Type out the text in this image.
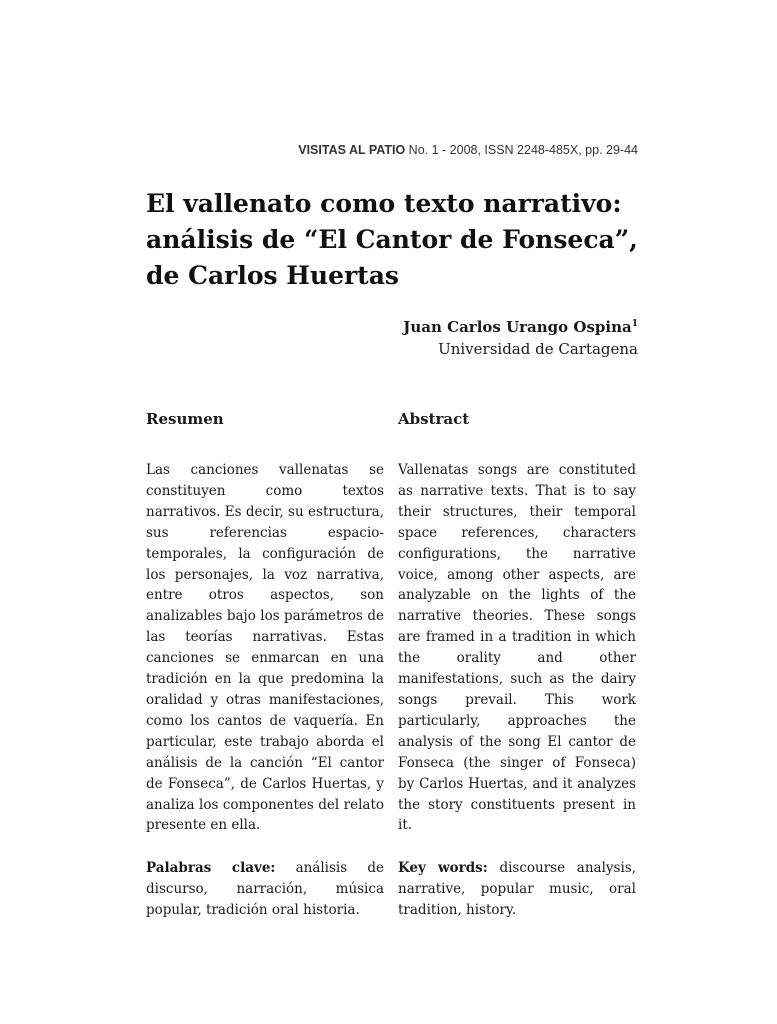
VISITAS AL PATIO No. 1 - 2008, ISSN 2248-485X, pp. 29-44
El vallenato como texto narrativo:
análisis de “El Cantor de Fonseca”,
de Carlos Huertas
Juan Carlos Urango Ospina$^1$
Universidad de Cartagena
Resumen

Las canciones vallenatas se constituyen como textos narrativos. Es decir, su estructura, sus referencias espacio-temporales, la configuración de los personajes, la voz narrativa, entre otros aspectos, son analizables bajo los parámetros de las teorías narrativas. Estas canciones se enmarcan en una tradición en la que predomina la oralidad y otras manifestaciones, como los cantos de vaquería. En particular, este trabajo aborda el análisis de la canción “El cantor de Fonseca”, de Carlos Huertas, y analiza los componentes del relato presente en ella.

Palabras clave: análisis de discurso, narración, música popular, tradición oral historia.

Abstract

Vallenatas songs are constituted as narrative texts. That is to say their structures, their temporal space references, characters configurations, the narrative voice, among other aspects, are analyzable on the lights of the narrative theories. These songs are framed in a tradition in which the orality and other manifestations, such as the dairy songs prevail. This work particularly, approaches the analysis of the song El cantor de Fonseca (the singer of Fonseca) by Carlos Huertas, and it analyzes the story constituents present in it.

Key words: discourse analysis, narrative, popular music, oral tradition, history.
